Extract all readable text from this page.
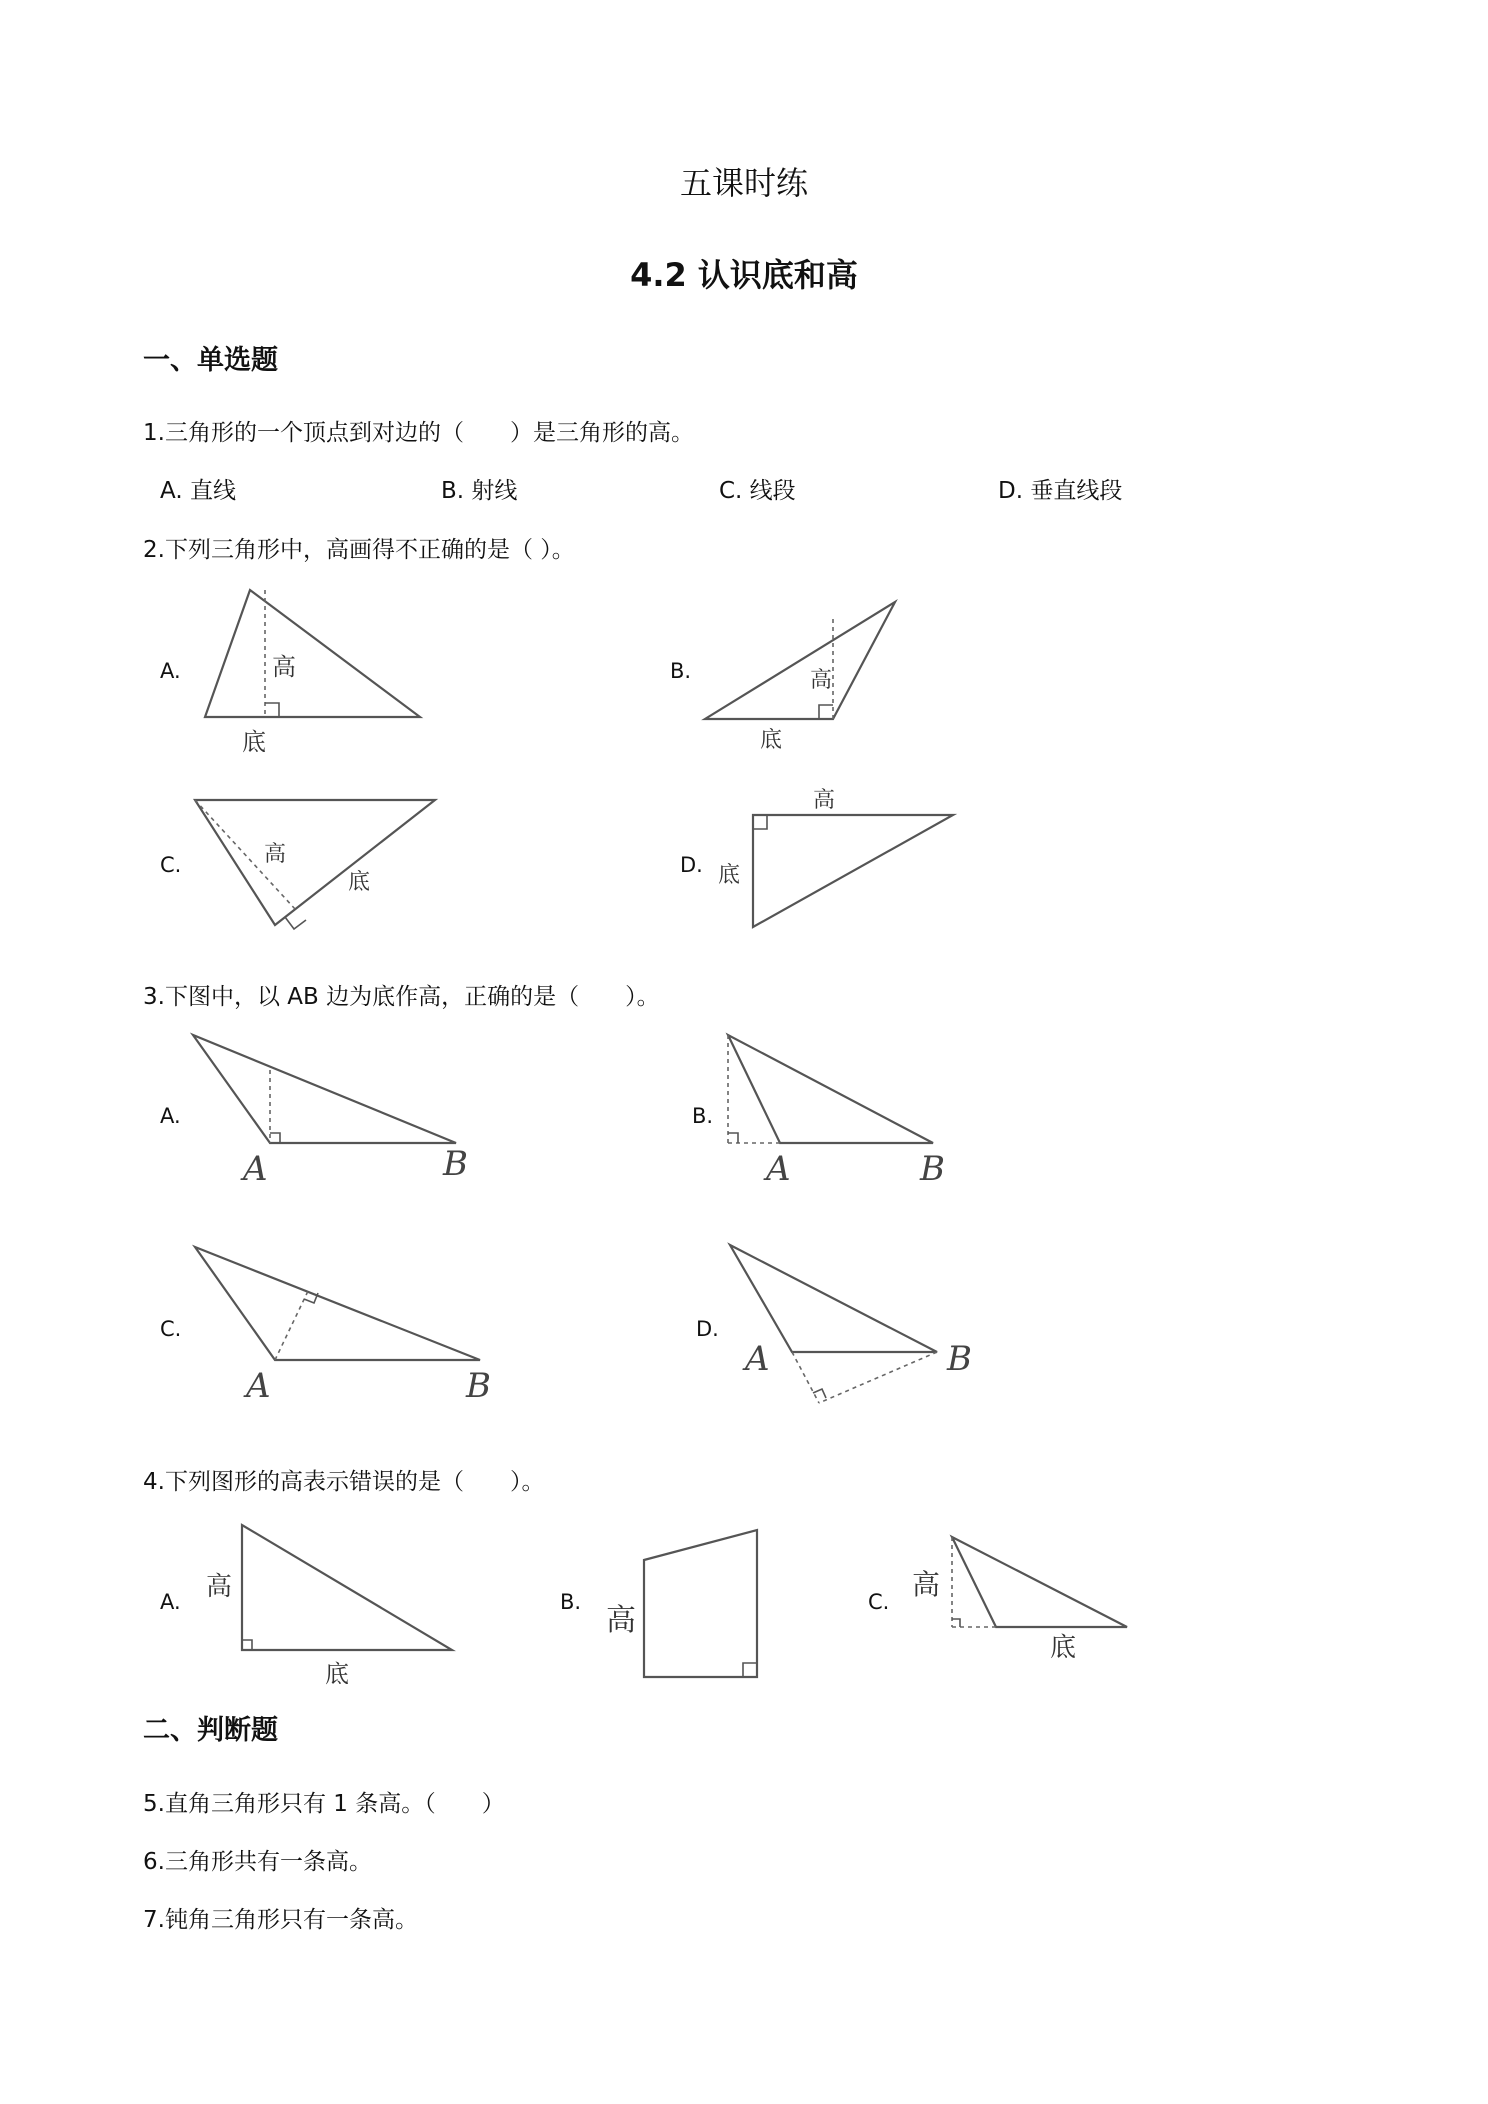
五课时练
4.2 认识底和高
一、单选题
1.三角形的一个顶点到对边的（　　）是三角形的高。
A. 直线	B. 射线	C. 线段	D. 垂直线段
2.下列三角形中，高画得不正确的是（ ）。
A.	高
底
B.	高
底
C.	高
底
D.
高
底
3.下图中，以 AB 边为底作高，正确的是（　　）。
A.
A	B
B.
A	B
C.
A	B
D.
A	B
4.下列图形的高表示错误的是（　　）。
A. 高
底
B.
高
C.
高
底
二、判断题
5.直角三角形只有 1 条高。（　　）
6.三角形共有一条高。
7.钝角三角形只有一条高。
